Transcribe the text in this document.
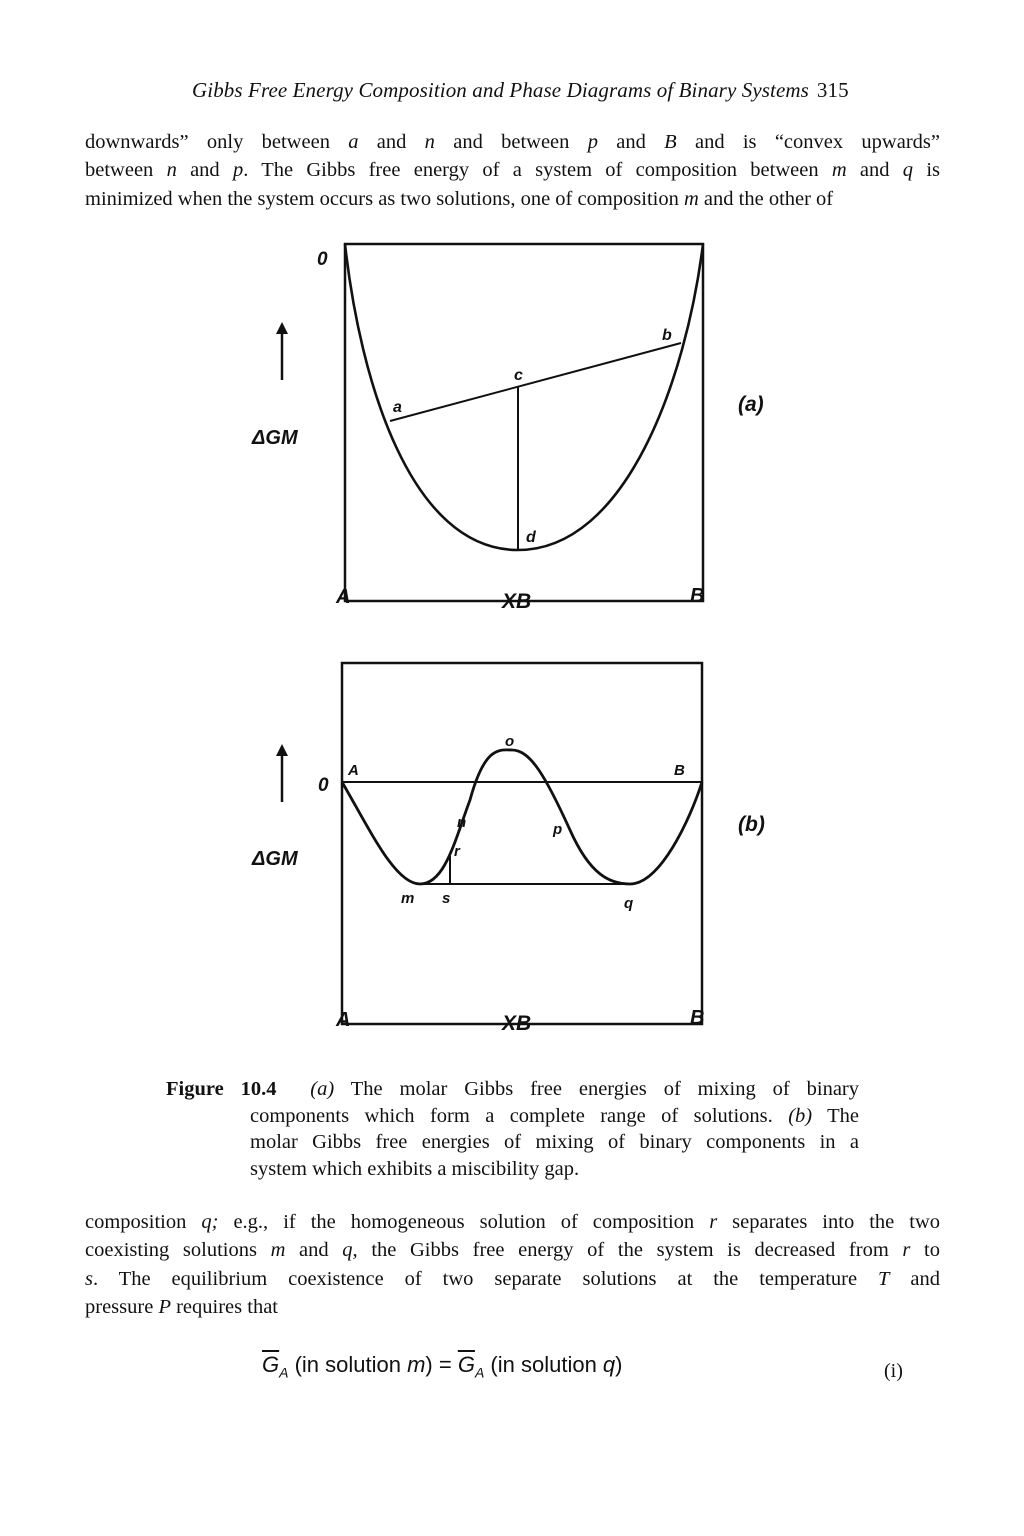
Gibbs Free Energy Composition and Phase Diagrams of Binary Systems 315
downwards” only between a and n and between p and B and is “convex upwards”
between n and p. The Gibbs free energy of a system of composition between m and q is
minimized when the system occurs as two solutions, one of composition m and the other of
0
ΔGM
(a)
A	XB	B
a
b
c
d
0
ΔGM
(b)
A	XB	B
A	B
o
n	p
r
m s	q
Figure 10.4 (a) The molar Gibbs free energies of mixing of binary
components which form a complete range of solutions. (b) The
molar Gibbs free energies of mixing of binary components in a
system which exhibits a miscibility gap.
composition q; e.g., if the homogeneous solution of composition r separates into the two
coexisting solutions m and q, the Gibbs free energy of the system is decreased from r to
s. The equilibrium coexistence of two separate solutions at the temperature T and
pressure P requires that
$\overline{G}_A$ (in solution $m) = \overline{G}_A$ (in solution q)	(i)
